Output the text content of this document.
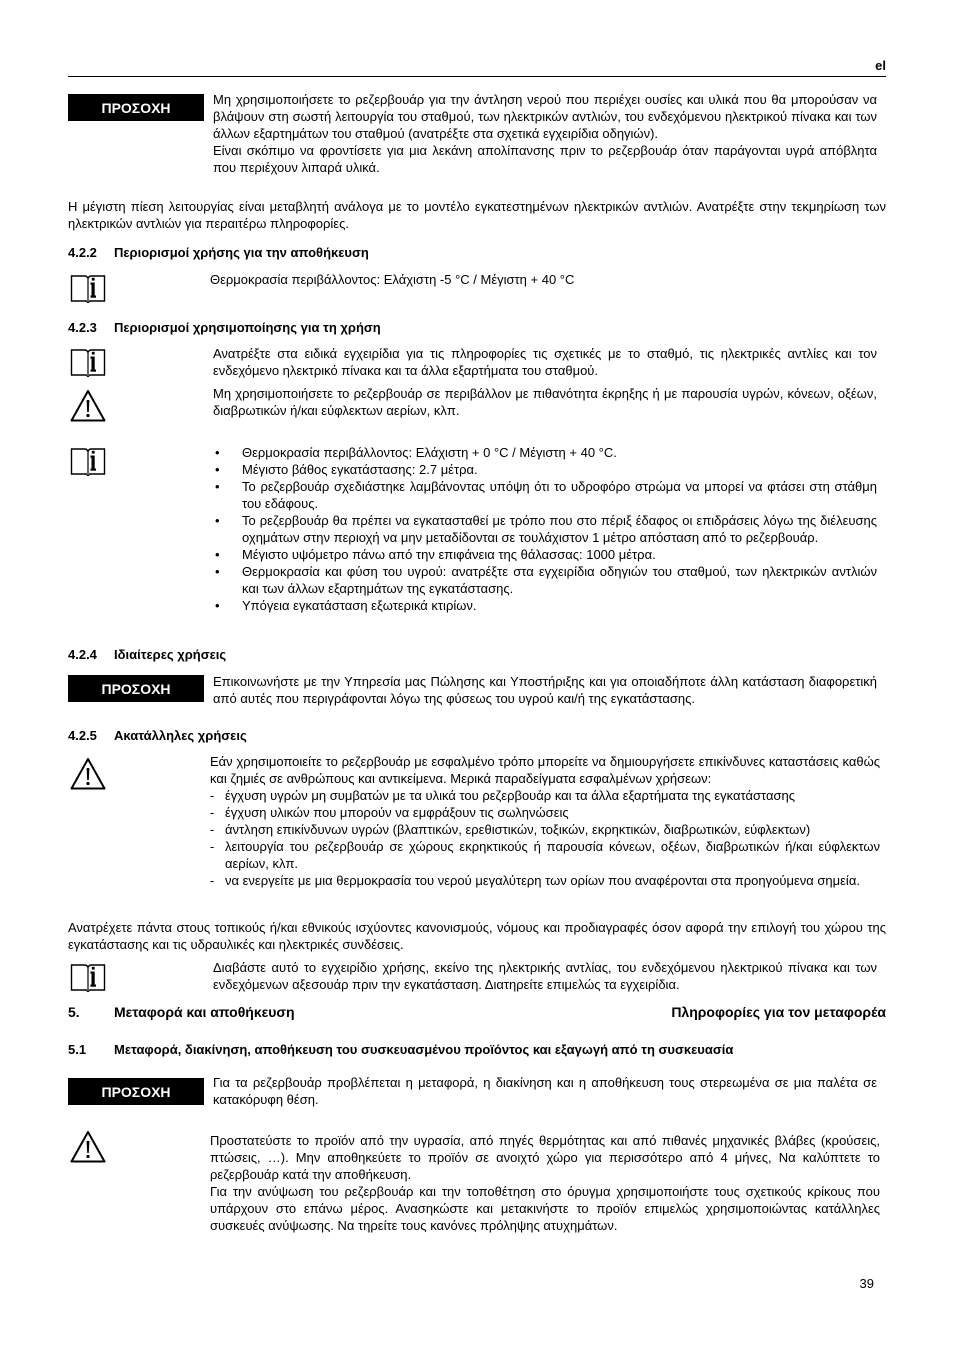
el
ΠΡΟΣΟΧΗ	Μη χρησιμοποιήσετε το ρεζερβουάρ για την άντληση νερού που περιέχει ουσίες και υλικά που θα μπορούσαν να βλάψουν στη σωστή λειτουργία του σταθμού, των ηλεκτρικών αντλιών, του ενδεχόμενου ηλεκτρικού πίνακα και των άλλων εξαρτημάτων του σταθμού (ανατρέξτε στα σχετικά εγχειρίδια οδηγιών).
Είναι σκόπιμο να φροντίσετε για μια λεκάνη απολίπανσης πριν το ρεζερβουάρ όταν παράγονται υγρά απόβλητα που περιέχουν λιπαρά υλικά.
Η μέγιστη πίεση λειτουργίας είναι μεταβλητή ανάλογα με το μοντέλο εγκατεστημένων ηλεκτρικών αντλιών. Ανατρέξτε στην τεκμηρίωση των ηλεκτρικών αντλιών για περαιτέρω πληροφορίες.
4.2.2 Περιορισμοί χρήσης για την αποθήκευση
Θερμοκρασία περιβάλλοντος: Ελάχιστη -5 °C / Μέγιστη + 40 °C
4.2.3 Περιορισμοί χρησιμοποίησης για τη χρήση
Ανατρέξτε στα ειδικά εγχειρίδια για τις πληροφορίες τις σχετικές με το σταθμό, τις ηλεκτρικές αντλίες και τον ενδεχόμενο ηλεκτρικό πίνακα και τα άλλα εξαρτήματα του σταθμού.
Μη χρησιμοποιήσετε το ρεζερβουάρ σε περιβάλλον με πιθανότητα έκρηξης ή με παρουσία υγρών, κόνεων, οξέων, διαβρωτικών ή/και εύφλεκτων αερίων, κλπ.
• Θερμοκρασία περιβάλλοντος: Ελάχιστη + 0 °C / Μέγιστη + 40 °C.
• Μέγιστο βάθος εγκατάστασης: 2.7 μέτρα.
• Το ρεζερβουάρ σχεδιάστηκε λαμβάνοντας υπόψη ότι το υδροφόρο στρώμα να μπορεί να φτάσει στη στάθμη του εδάφους.
• Το ρεζερβουάρ θα πρέπει να εγκατασταθεί με τρόπο που στο πέριξ έδαφος οι επιδράσεις λόγω της διέλευσης οχημάτων στην περιοχή να μην μεταδίδονται σε τουλάχιστον 1 μέτρο απόσταση από το ρεζερβουάρ.
• Μέγιστο υψόμετρο πάνω από την επιφάνεια της θάλασσας: 1000 μέτρα.
• Θερμοκρασία και φύση του υγρού: ανατρέξτε στα εγχειρίδια οδηγιών του σταθμού, των ηλεκτρικών αντλιών και των άλλων εξαρτημάτων της εγκατάστασης.
• Υπόγεια εγκατάσταση εξωτερικά κτιρίων.
4.2.4 Ιδιαίτερες χρήσεις
ΠΡΟΣΟΧΗ	Επικοινωνήστε με την Υπηρεσία μας Πώλησης και Υποστήριξης και για οποιαδήποτε άλλη κατάσταση διαφορετική από αυτές που περιγράφονται λόγω της φύσεως του υγρού και/ή της εγκατάστασης.
4.2.5 Ακατάλληλες χρήσεις
Εάν χρησιμοποιείτε το ρεζερβουάρ με εσφαλμένο τρόπο μπορείτε να δημιουργήσετε επικίνδυνες καταστάσεις καθώς και ζημιές σε ανθρώπους και αντικείμενα. Μερικά παραδείγματα εσφαλμένων χρήσεων:
- έγχυση υγρών μη συμβατών με τα υλικά του ρεζερβουάρ και τα άλλα εξαρτήματα της εγκατάστασης
- έγχυση υλικών που μπορούν να εμφράξουν τις σωληνώσεις
- άντληση επικίνδυνων υγρών (βλαπτικών, ερεθιστικών, τοξικών, εκρηκτικών, διαβρωτικών, εύφλεκτων)
- λειτουργία του ρεζερβουάρ σε χώρους εκρηκτικούς ή παρουσία κόνεων, οξέων, διαβρωτικών ή/και εύφλεκτων αερίων, κλπ.
- να ενεργείτε με μια θερμοκρασία του νερού μεγαλύτερη των ορίων που αναφέρονται στα προηγούμενα σημεία.
Ανατρέχετε πάντα στους τοπικούς ή/και εθνικούς ισχύοντες κανονισμούς, νόμους και προδιαγραφές όσον αφορά την επιλογή του χώρου της εγκατάστασης και τις υδραυλικές και ηλεκτρικές συνδέσεις.
Διαβάστε αυτό το εγχειρίδιο χρήσης, εκείνο της ηλεκτρικής αντλίας, του ενδεχόμενου ηλεκτρικού πίνακα και των ενδεχόμενων αξεσουάρ πριν την εγκατάσταση. Διατηρείτε επιμελώς τα εγχειρίδια.
5.	Μεταφορά και αποθήκευση	Πληροφορίες για τον μεταφορέα
5.1 Μεταφορά, διακίνηση, αποθήκευση του συσκευασμένου προϊόντος και εξαγωγή από τη συσκευασία
ΠΡΟΣΟΧΗ
Για τα ρεζερβουάρ προβλέπεται η μεταφορά, η διακίνηση και η αποθήκευση τους στερεωμένα σε μια παλέτα σε κατακόρυφη θέση.
Προστατεύστε το προϊόν από την υγρασία, από πηγές θερμότητας και από πιθανές μηχανικές βλάβες (κρούσεις, πτώσεις, …). Μην αποθηκεύετε το προϊόν σε ανοιχτό χώρο για περισσότερο από 4 μήνες, Να καλύπτετε το ρεζερβουάρ κατά την αποθήκευση.
Για την ανύψωση του ρεζερβουάρ και την τοποθέτηση στο όρυγμα χρησιμοποιήστε τους σχετικούς κρίκους που υπάρχουν στο επάνω μέρος. Ανασηκώστε και μετακινήστε το προϊόν επιμελώς χρησιμοποιώντας κατάλληλες συσκευές ανύψωσης. Να τηρείτε τους κανόνες πρόληψης ατυχημάτων.
39
